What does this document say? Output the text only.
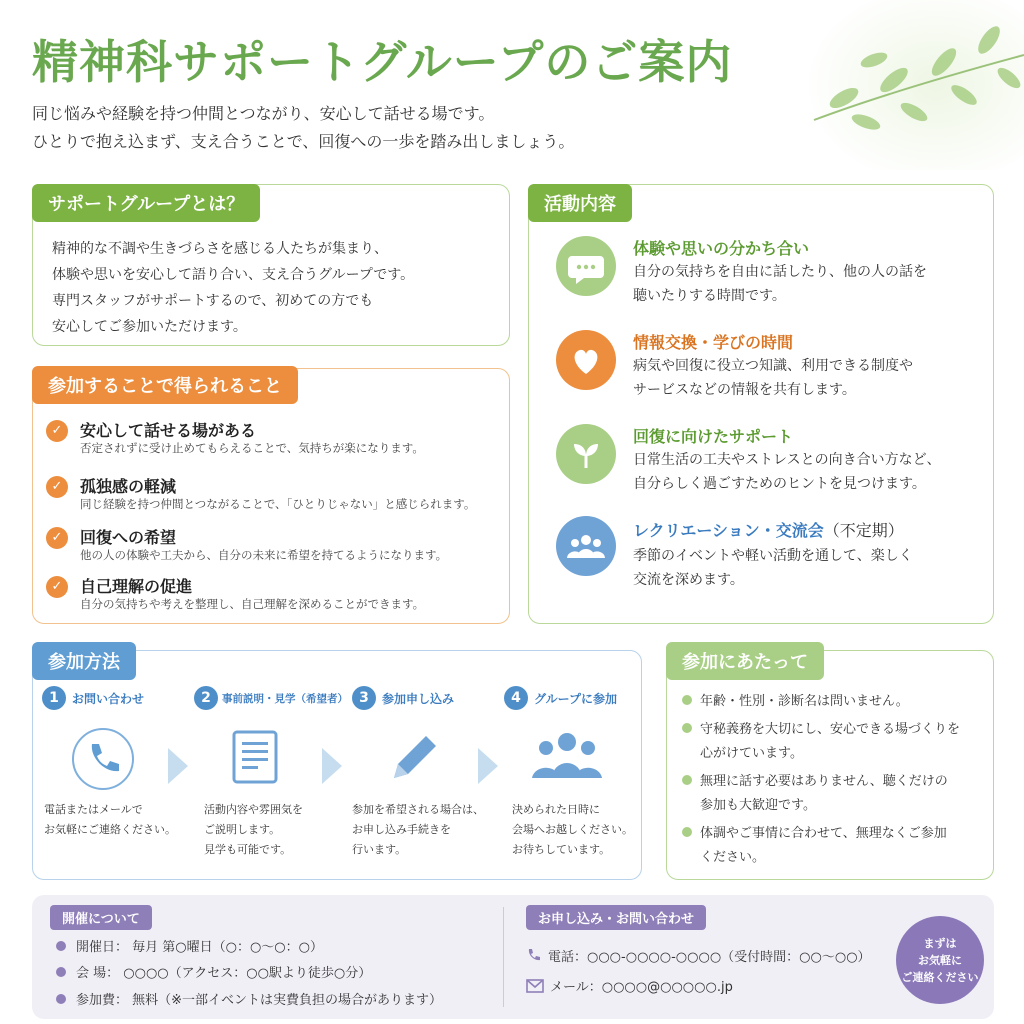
精神科サポートグループのご案内
同じ悩みや経験を持つ仲間とつながり、安心して話せる場です。
ひとりで抱え込まず、支え合うことで、回復への一歩を踏み出しましょう。
サポートグループとは？
精神的な不調や生きづらさを感じる人たちが集まり、
体験や思いを安心して語り合い、支え合うグループです。
専門スタッフがサポートするので、初めての方でも
安心してご参加いただけます。
参加することで得られること
✓	安心して話せる場がある
否定されずに受け止めてもらえることで、気持ちが楽になります。
✓	孤独感の軽減
同じ経験を持つ仲間とつながることで、「ひとりじゃない」と感じられます。
✓	回復への希望
他の人の体験や工夫から、自分の未来に希望を持てるようになります。
✓	自己理解の促進
自分の気持ちや考えを整理し、自己理解を深めることができます。
活動内容
体験や思いの分かち合い
自分の気持ちを自由に話したり、他の人の話を
聴いたりする時間です。
情報交換・学びの時間
病気や回復に役立つ知識、利用できる制度や
サービスなどの情報を共有します。
回復に向けたサポート
日常生活の工夫やストレスとの向き合い方など、
自分らしく過ごすためのヒントを見つけます。
レクリエーション・交流会（不定期）
季節のイベントや軽い活動を通して、楽しく
交流を深めます。
参加方法
1	お問い合わせ
電話またはメールで
お気軽にご連絡ください。
2	事前説明・見学（希望者）
活動内容や雰囲気を
ご説明します。
見学も可能です。
3	参加申し込み
参加を希望される場合は、
お申し込み手続きを
行います。
4	グループに参加
決められた日時に
会場へお越しください。
お待ちしています。
参加にあたって
年齢・性別・診断名は問いません。
守秘義務を大切にし、安心できる場づくりを
心がけています。
無理に話す必要はありません、聴くだけの
参加も大歓迎です。
体調やご事情に合わせて、無理なくご参加
ください。
開催について
開催日： 毎月 第○曜日（○：○〜○：○）
会 場： ○○○○（アクセス：○○駅より徒歩○分）
参加費： 無料（※一部イベントは実費負担の場合があります）
お申し込み・お問い合わせ
電話：○○○-○○○○-○○○○（受付時間：○○〜○○）
メール：○○○○@○○○○○.jp
まずは
お気軽に
ご連絡ください
